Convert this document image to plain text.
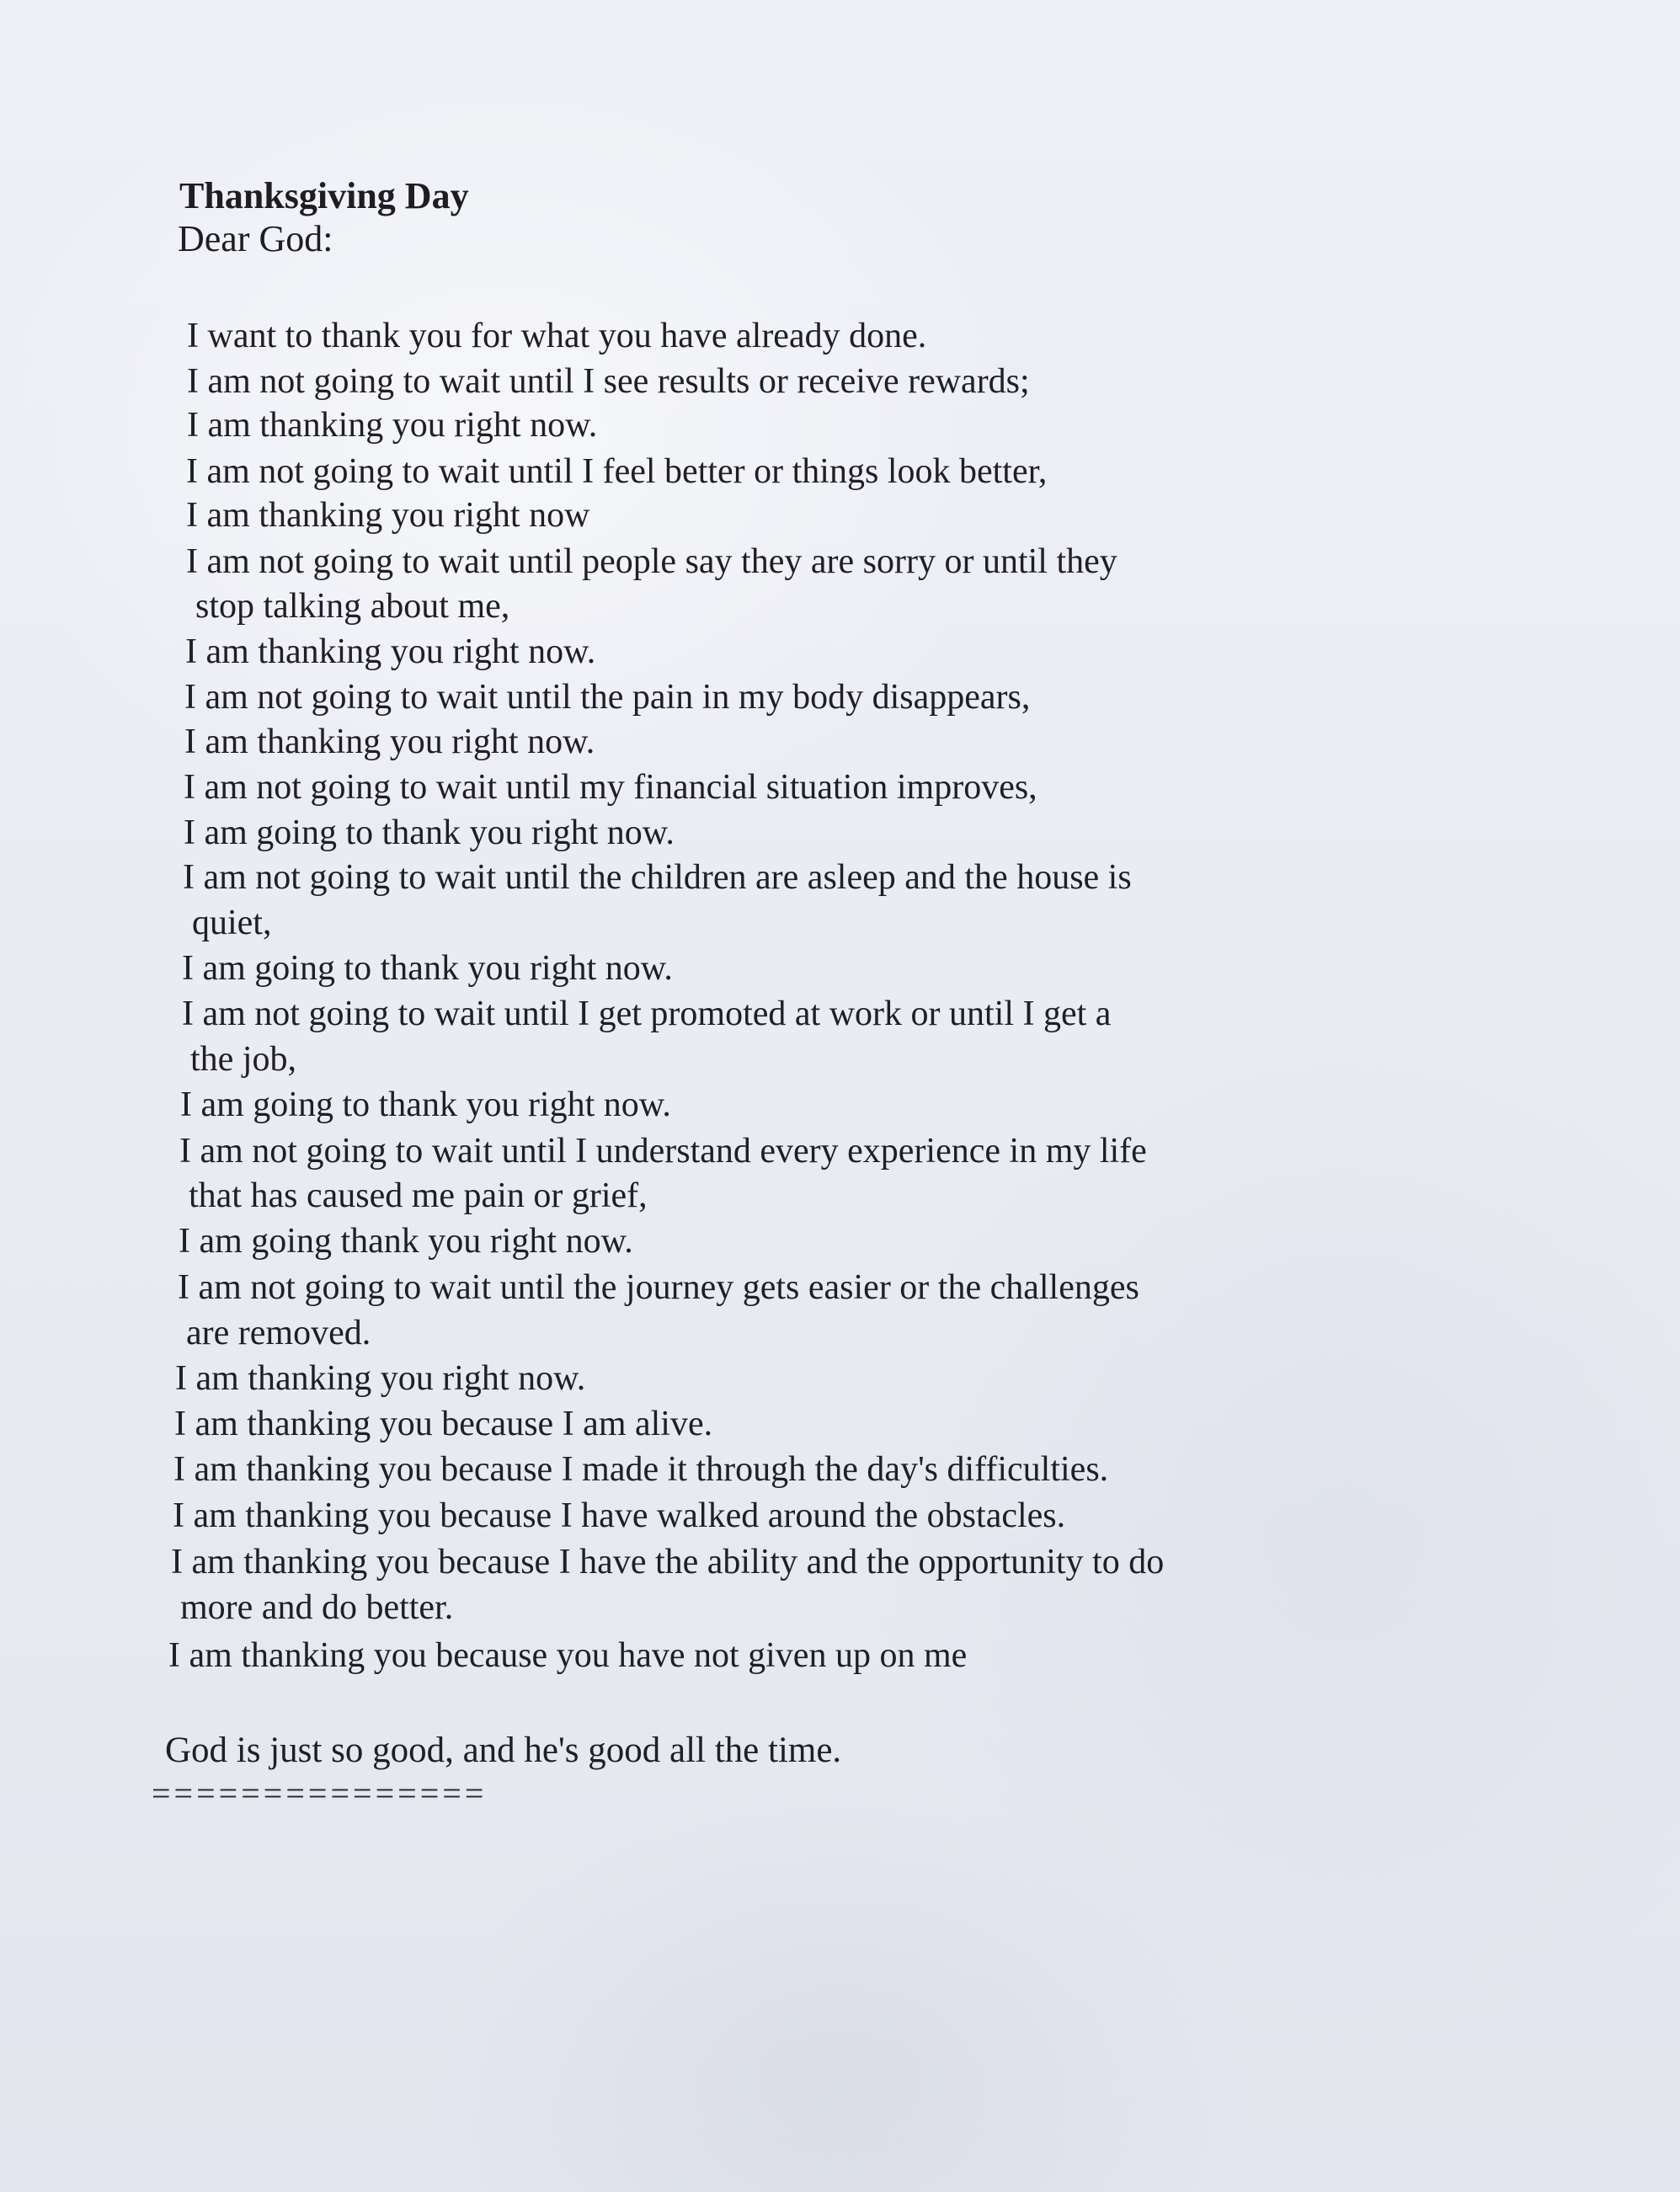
Thanksgiving Day
Dear God:
I want to thank you for what you have already done.
I am not going to wait until I see results or receive rewards;
I am thanking you right now.
I am not going to wait until I feel better or things look better,
I am thanking you right now
I am not going to wait until people say they are sorry or until they
stop talking about me,
I am thanking you right now.
I am not going to wait until the pain in my body disappears,
I am thanking you right now.
I am not going to wait until my financial situation improves,
I am going to thank you right now.
I am not going to wait until the children are asleep and the house is
quiet,
I am going to thank you right now.
I am not going to wait until I get promoted at work or until I get a
the job,
I am going to thank you right now.
I am not going to wait until I understand every experience in my life
that has caused me pain or grief,
I am going thank you right now.
I am not going to wait until the journey gets easier or the challenges
are removed.
I am thanking you right now.
I am thanking you because I am alive.
I am thanking you because I made it through the day's difficulties.
I am thanking you because I have walked around the obstacles.
I am thanking you because I have the ability and the opportunity to do
more and do better.
I am thanking you because you have not given up on me
God is just so good, and he's good all the time.
===============
